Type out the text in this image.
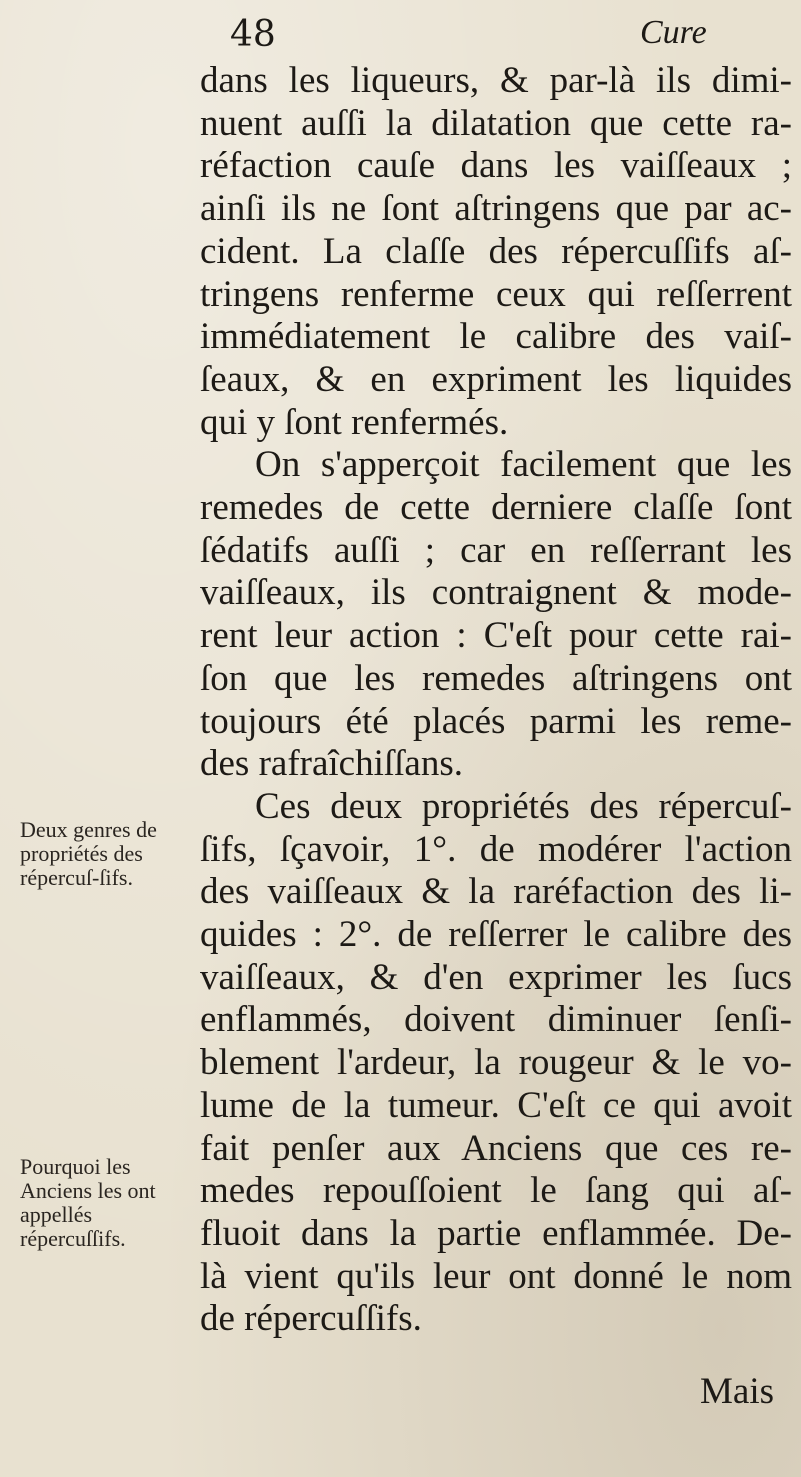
48	Cure
dans les liqueurs, & par-là ils dimi-
nuent auſſi la dilatation que cette ra-
réfaction cauſe dans les vaiſſeaux ;
ainſi ils ne ſont aſtringens que par ac-
cident. La claſſe des répercuſſifs aſ-
tringens renferme ceux qui reſſerrent
immédiatement le calibre des vaiſ-
ſeaux, & en expriment les liquides
qui y ſont renfermés.
On s'apperçoit facilement que les
remedes de cette derniere claſſe ſont
ſédatifs auſſi ; car en reſſerrant les
vaiſſeaux, ils contraignent & mode-
rent leur action : C'eſt pour cette rai-
ſon que les remedes aſtringens ont
toujours été placés parmi les reme-
des rafraîchiſſans.
Ces deux propriétés des répercuſ-
ſifs, ſçavoir, 1°. de modérer l'action
des vaiſſeaux & la raréfaction des li-
quides : 2°. de reſſerrer le calibre des
vaiſſeaux, & d'en exprimer les ſucs
enflammés, doivent diminuer ſenſi-
blement l'ardeur, la rougeur & le vo-
lume de la tumeur. C'eſt ce qui avoit
fait penſer aux Anciens que ces re-
medes repouſſoient le ſang qui aſ-
fluoit dans la partie enflammée. De-
là vient qu'ils leur ont donné le nom
de répercuſſifs.
Deux genres de propriétés des répercuſ-ſifs.
Pourquoi les Anciens les ont appellés répercuſſifs.
Mais
